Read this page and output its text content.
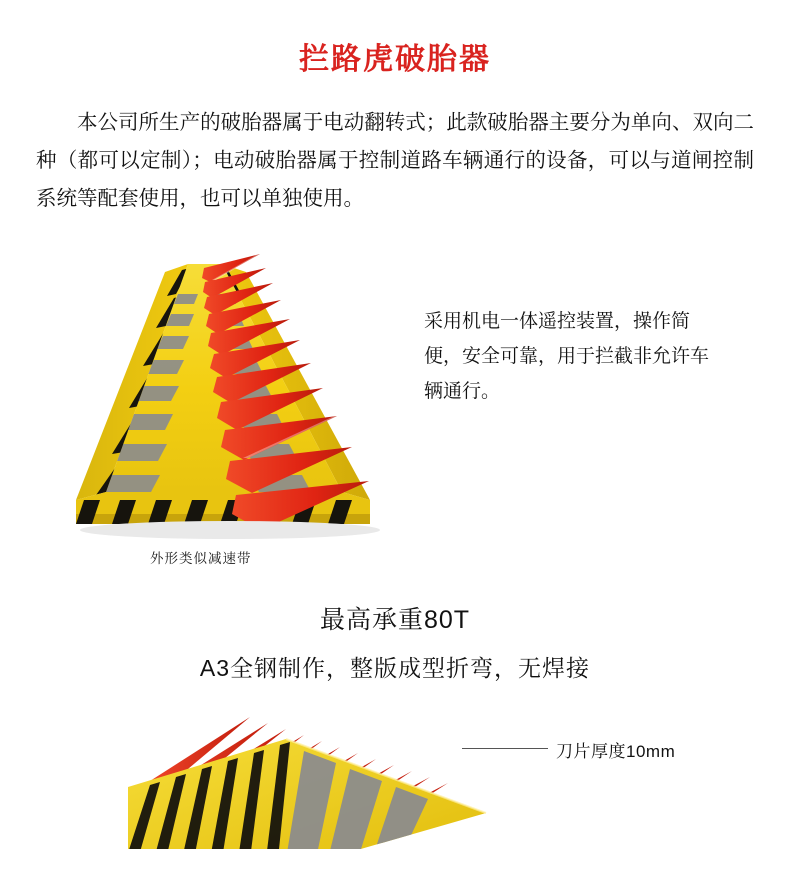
拦路虎破胎器
本公司所生产的破胎器属于电动翻转式；此款破胎器主要分为单向、双向二种（都可以定制）；电动破胎器属于控制道路车辆通行的设备，可以与道闸控制系统等配套使用，也可以单独使用。
外形类似减速带
采用机电一体遥控装置，操作简便，安全可靠，用于拦截非允许车辆通行。
最高承重80T
A3全钢制作，整版成型折弯，无焊接
刀片厚度10mm
